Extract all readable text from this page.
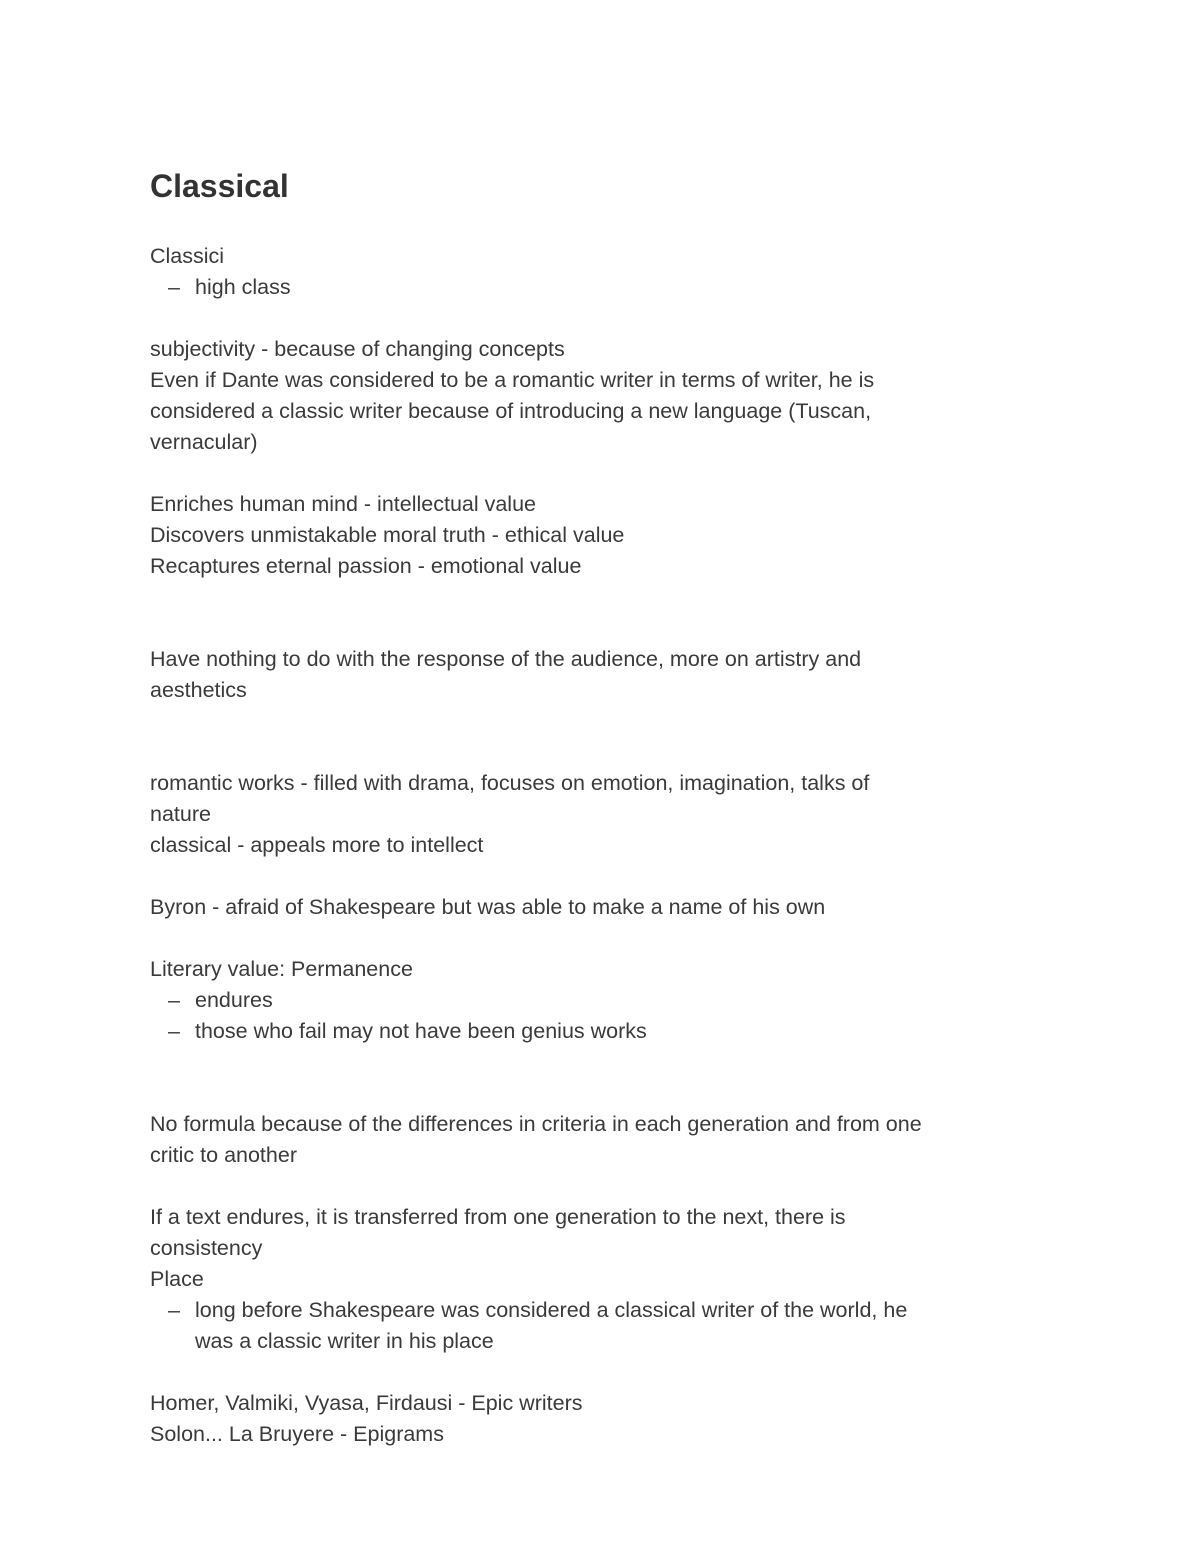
Classical

Classici

– high class

subjectivity - because of changing concepts

Even if Dante was considered to be a romantic writer in terms of writer, he is

considered a classic writer because of introducing a new language (Tuscan,

vernacular)

Enriches human mind - intellectual value

Discovers unmistakable moral truth - ethical value

Recaptures eternal passion - emotional value

Have nothing to do with the response of the audience, more on artistry and

aesthetics

romantic works - filled with drama, focuses on emotion, imagination, talks of

nature

classical - appeals more to intellect

Byron - afraid of Shakespeare but was able to make a name of his own

Literary value: Permanence

– endures

– those who fail may not have been genius works

No formula because of the differences in criteria in each generation and from one

critic to another

If a text endures, it is transferred from one generation to the next, there is

consistency

Place

– long before Shakespeare was considered a classical writer of the world, he

was a classic writer in his place

Homer, Valmiki, Vyasa, Firdausi - Epic writers

Solon... La Bruyere - Epigrams
